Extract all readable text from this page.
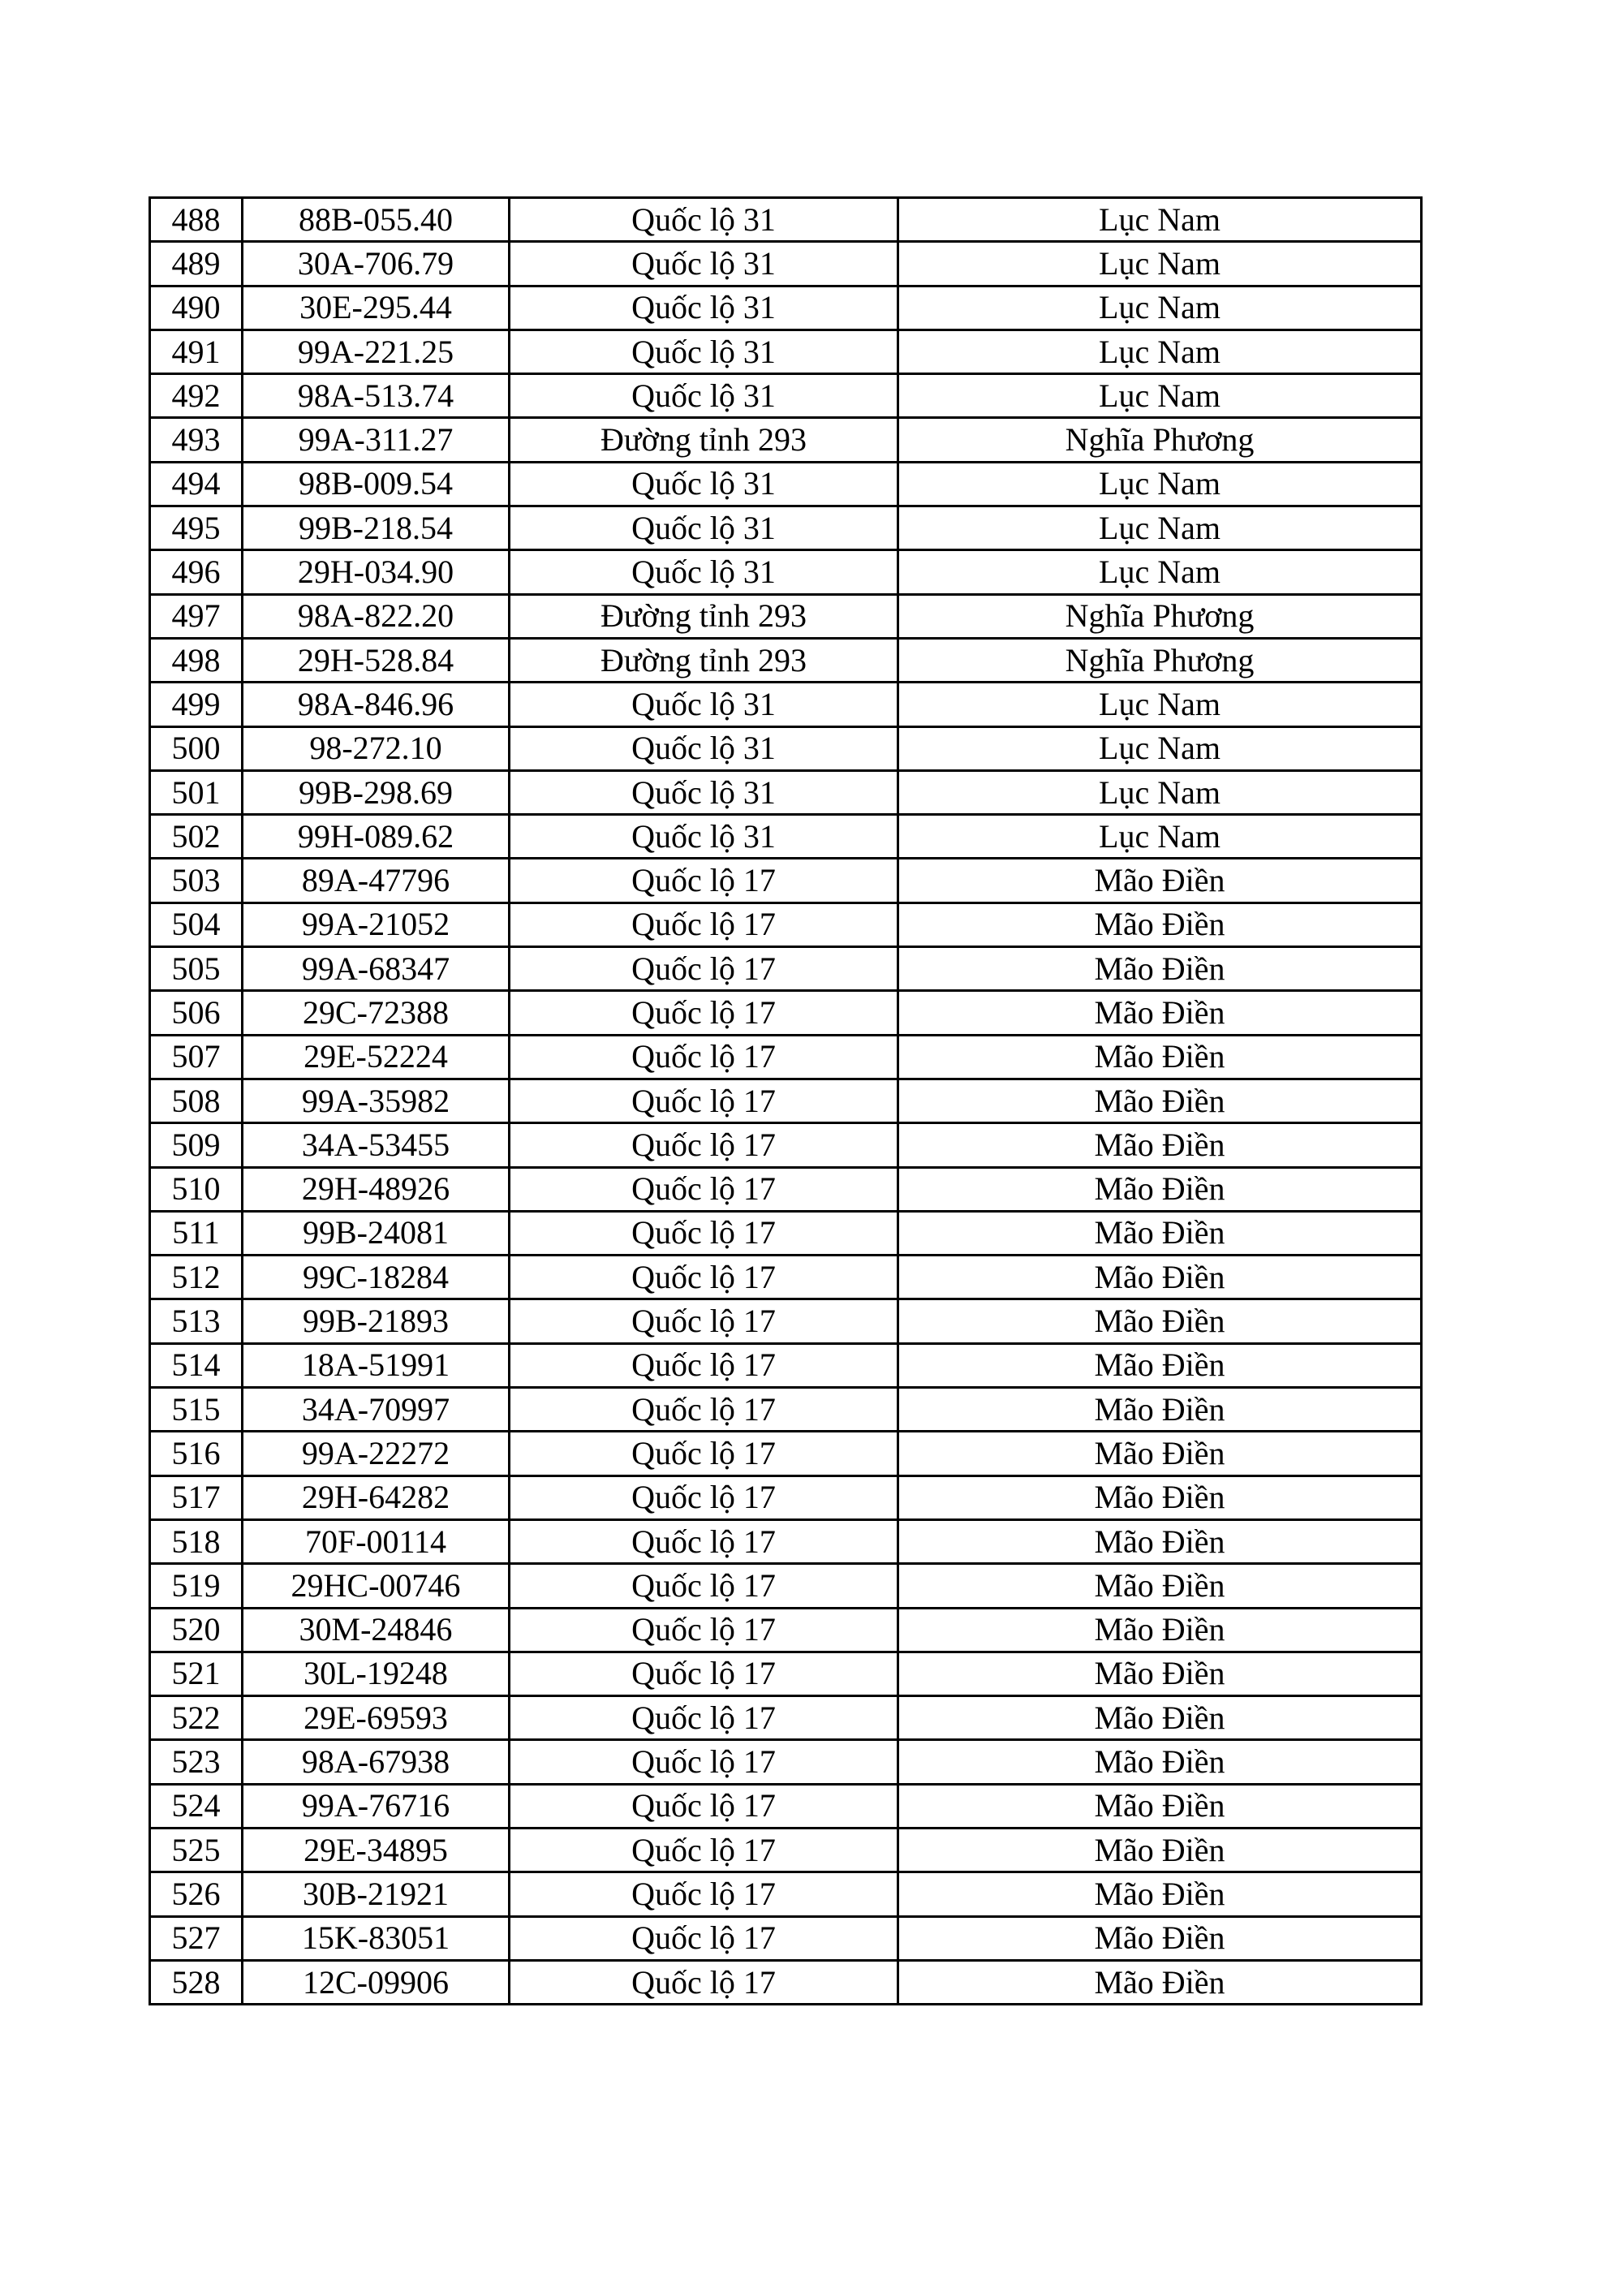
488	88B-055.40	Quốc lộ 31	Lục Nam
489	30A-706.79	Quốc lộ 31	Lục Nam
490	30E-295.44	Quốc lộ 31	Lục Nam
491	99A-221.25	Quốc lộ 31	Lục Nam
492	98A-513.74	Quốc lộ 31	Lục Nam
493	99A-311.27	Đường tỉnh 293	Nghĩa Phương
494	98B-009.54	Quốc lộ 31	Lục Nam
495	99B-218.54	Quốc lộ 31	Lục Nam
496	29H-034.90	Quốc lộ 31	Lục Nam
497	98A-822.20	Đường tỉnh 293	Nghĩa Phương
498	29H-528.84	Đường tỉnh 293	Nghĩa Phương
499	98A-846.96	Quốc lộ 31	Lục Nam
500	98-272.10	Quốc lộ 31	Lục Nam
501	99B-298.69	Quốc lộ 31	Lục Nam
502	99H-089.62	Quốc lộ 31	Lục Nam
503	89A-47796	Quốc lộ 17	Mão Điền
504	99A-21052	Quốc lộ 17	Mão Điền
505	99A-68347	Quốc lộ 17	Mão Điền
506	29C-72388	Quốc lộ 17	Mão Điền
507	29E-52224	Quốc lộ 17	Mão Điền
508	99A-35982	Quốc lộ 17	Mão Điền
509	34A-53455	Quốc lộ 17	Mão Điền
510	29H-48926	Quốc lộ 17	Mão Điền
511	99B-24081	Quốc lộ 17	Mão Điền
512	99C-18284	Quốc lộ 17	Mão Điền
513	99B-21893	Quốc lộ 17	Mão Điền
514	18A-51991	Quốc lộ 17	Mão Điền
515	34A-70997	Quốc lộ 17	Mão Điền
516	99A-22272	Quốc lộ 17	Mão Điền
517	29H-64282	Quốc lộ 17	Mão Điền
518	70F-00114	Quốc lộ 17	Mão Điền
519	29HC-00746	Quốc lộ 17	Mão Điền
520	30M-24846	Quốc lộ 17	Mão Điền
521	30L-19248	Quốc lộ 17	Mão Điền
522	29E-69593	Quốc lộ 17	Mão Điền
523	98A-67938	Quốc lộ 17	Mão Điền
524	99A-76716	Quốc lộ 17	Mão Điền
525	29E-34895	Quốc lộ 17	Mão Điền
526	30B-21921	Quốc lộ 17	Mão Điền
527	15K-83051	Quốc lộ 17	Mão Điền
528	12C-09906	Quốc lộ 17	Mão Điền
